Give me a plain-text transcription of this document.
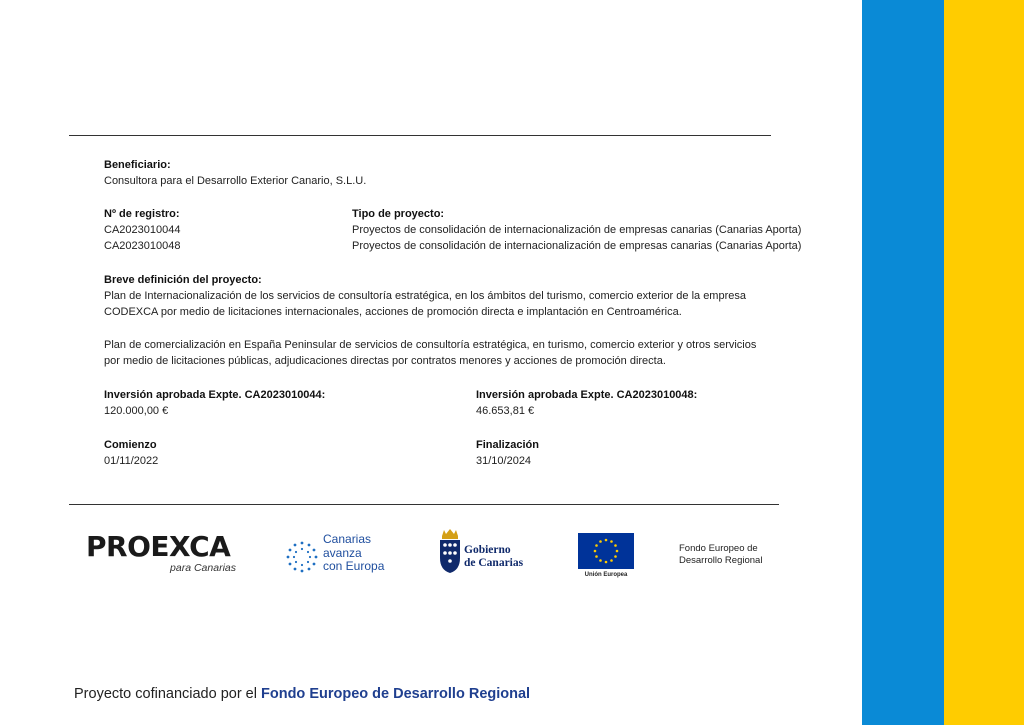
Beneficiario:
Consultora para el Desarrollo Exterior Canario, S.L.U.
Nº de registro:
CA2023010044
CA2023010048
Tipo de proyecto:
Proyectos de consolidación de internacionalización de empresas canarias (Canarias Aporta)
Proyectos de consolidación de internacionalización de empresas canarias (Canarias Aporta)
Breve definición del proyecto:
Plan de Internacionalización de los servicios de consultoría estratégica, en los ámbitos del turismo, comercio exterior de la empresa
CODEXCA por medio de licitaciones internacionales, acciones de promoción directa e implantación en Centroamérica.
Plan de comercialización en España Peninsular de servicios de consultoría estratégica, en turismo, comercio exterior y otros servicios
por medio de licitaciones públicas, adjudicaciones directas por contratos menores y acciones de promoción directa.
Inversión aprobada Expte. CA2023010044:
120.000,00 €
Inversión aprobada Expte. CA2023010048:
46.653,81 €
Comienzo
01/11/2022
Finalización
31/10/2024
PROEXCA
para Canarias
Canarias
avanza
con Europa
Gobierno
de Canarias
Unión Europea
Fondo Europeo de
Desarrollo Regional
Proyecto cofinanciado por el Fondo Europeo de Desarrollo Regional
